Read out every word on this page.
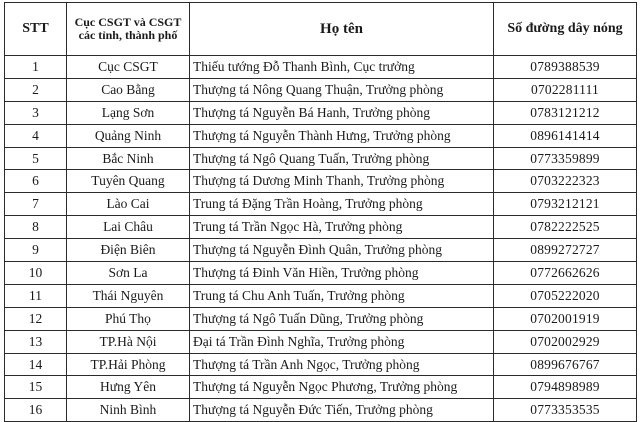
STT	Cục CSGT và CSGT các tỉnh, thành phố	Họ tên	Số đường dây nóng
1	Cục CSGT	Thiếu tướng Đỗ Thanh Bình, Cục trưởng	0789388539
2	Cao Bằng	Thượng tá Nông Quang Thuận, Trưởng phòng	0702281111
3	Lạng Sơn	Thượng tá Nguyễn Bá Hanh, Trưởng phòng	0783121212
4	Quảng Ninh	Thượng tá Nguyễn Thành Hưng, Trưởng phòng	0896141414
5	Bắc Ninh	Thượng tá Ngô Quang Tuấn, Trưởng phòng	0773359899
6	Tuyên Quang	Thượng tá Dương Minh Thanh, Trưởng phòng	0703222323
7	Lào Cai	Trung tá Đặng Trần Hoàng, Trưởng phòng	0793212121
8	Lai Châu	Trung tá Trần Ngọc Hà, Trưởng phòng	0782222525
9	Điện Biên	Thượng tá Nguyễn Đình Quân, Trưởng phòng	0899272727
10	Sơn La	Thượng tá Đinh Văn Hiền, Trưởng phòng	0772662626
11	Thái Nguyên	Trung tá Chu Anh Tuấn, Trưởng phòng	0705222020
12	Phú Thọ	Thượng tá Ngô Tuấn Dũng, Trưởng phòng	0702001919
13	TP.Hà Nội	Đại tá Trần Đình Nghĩa, Trưởng phòng	0702002929
14	TP.Hải Phòng	Thượng tá Trần Anh Ngọc, Trưởng phòng	0899676767
15	Hưng Yên	Thượng tá Nguyễn Ngọc Phương, Trưởng phòng	0794898989
16	Ninh Bình	Thượng tá Nguyễn Đức Tiến, Trưởng phòng	0773353535
